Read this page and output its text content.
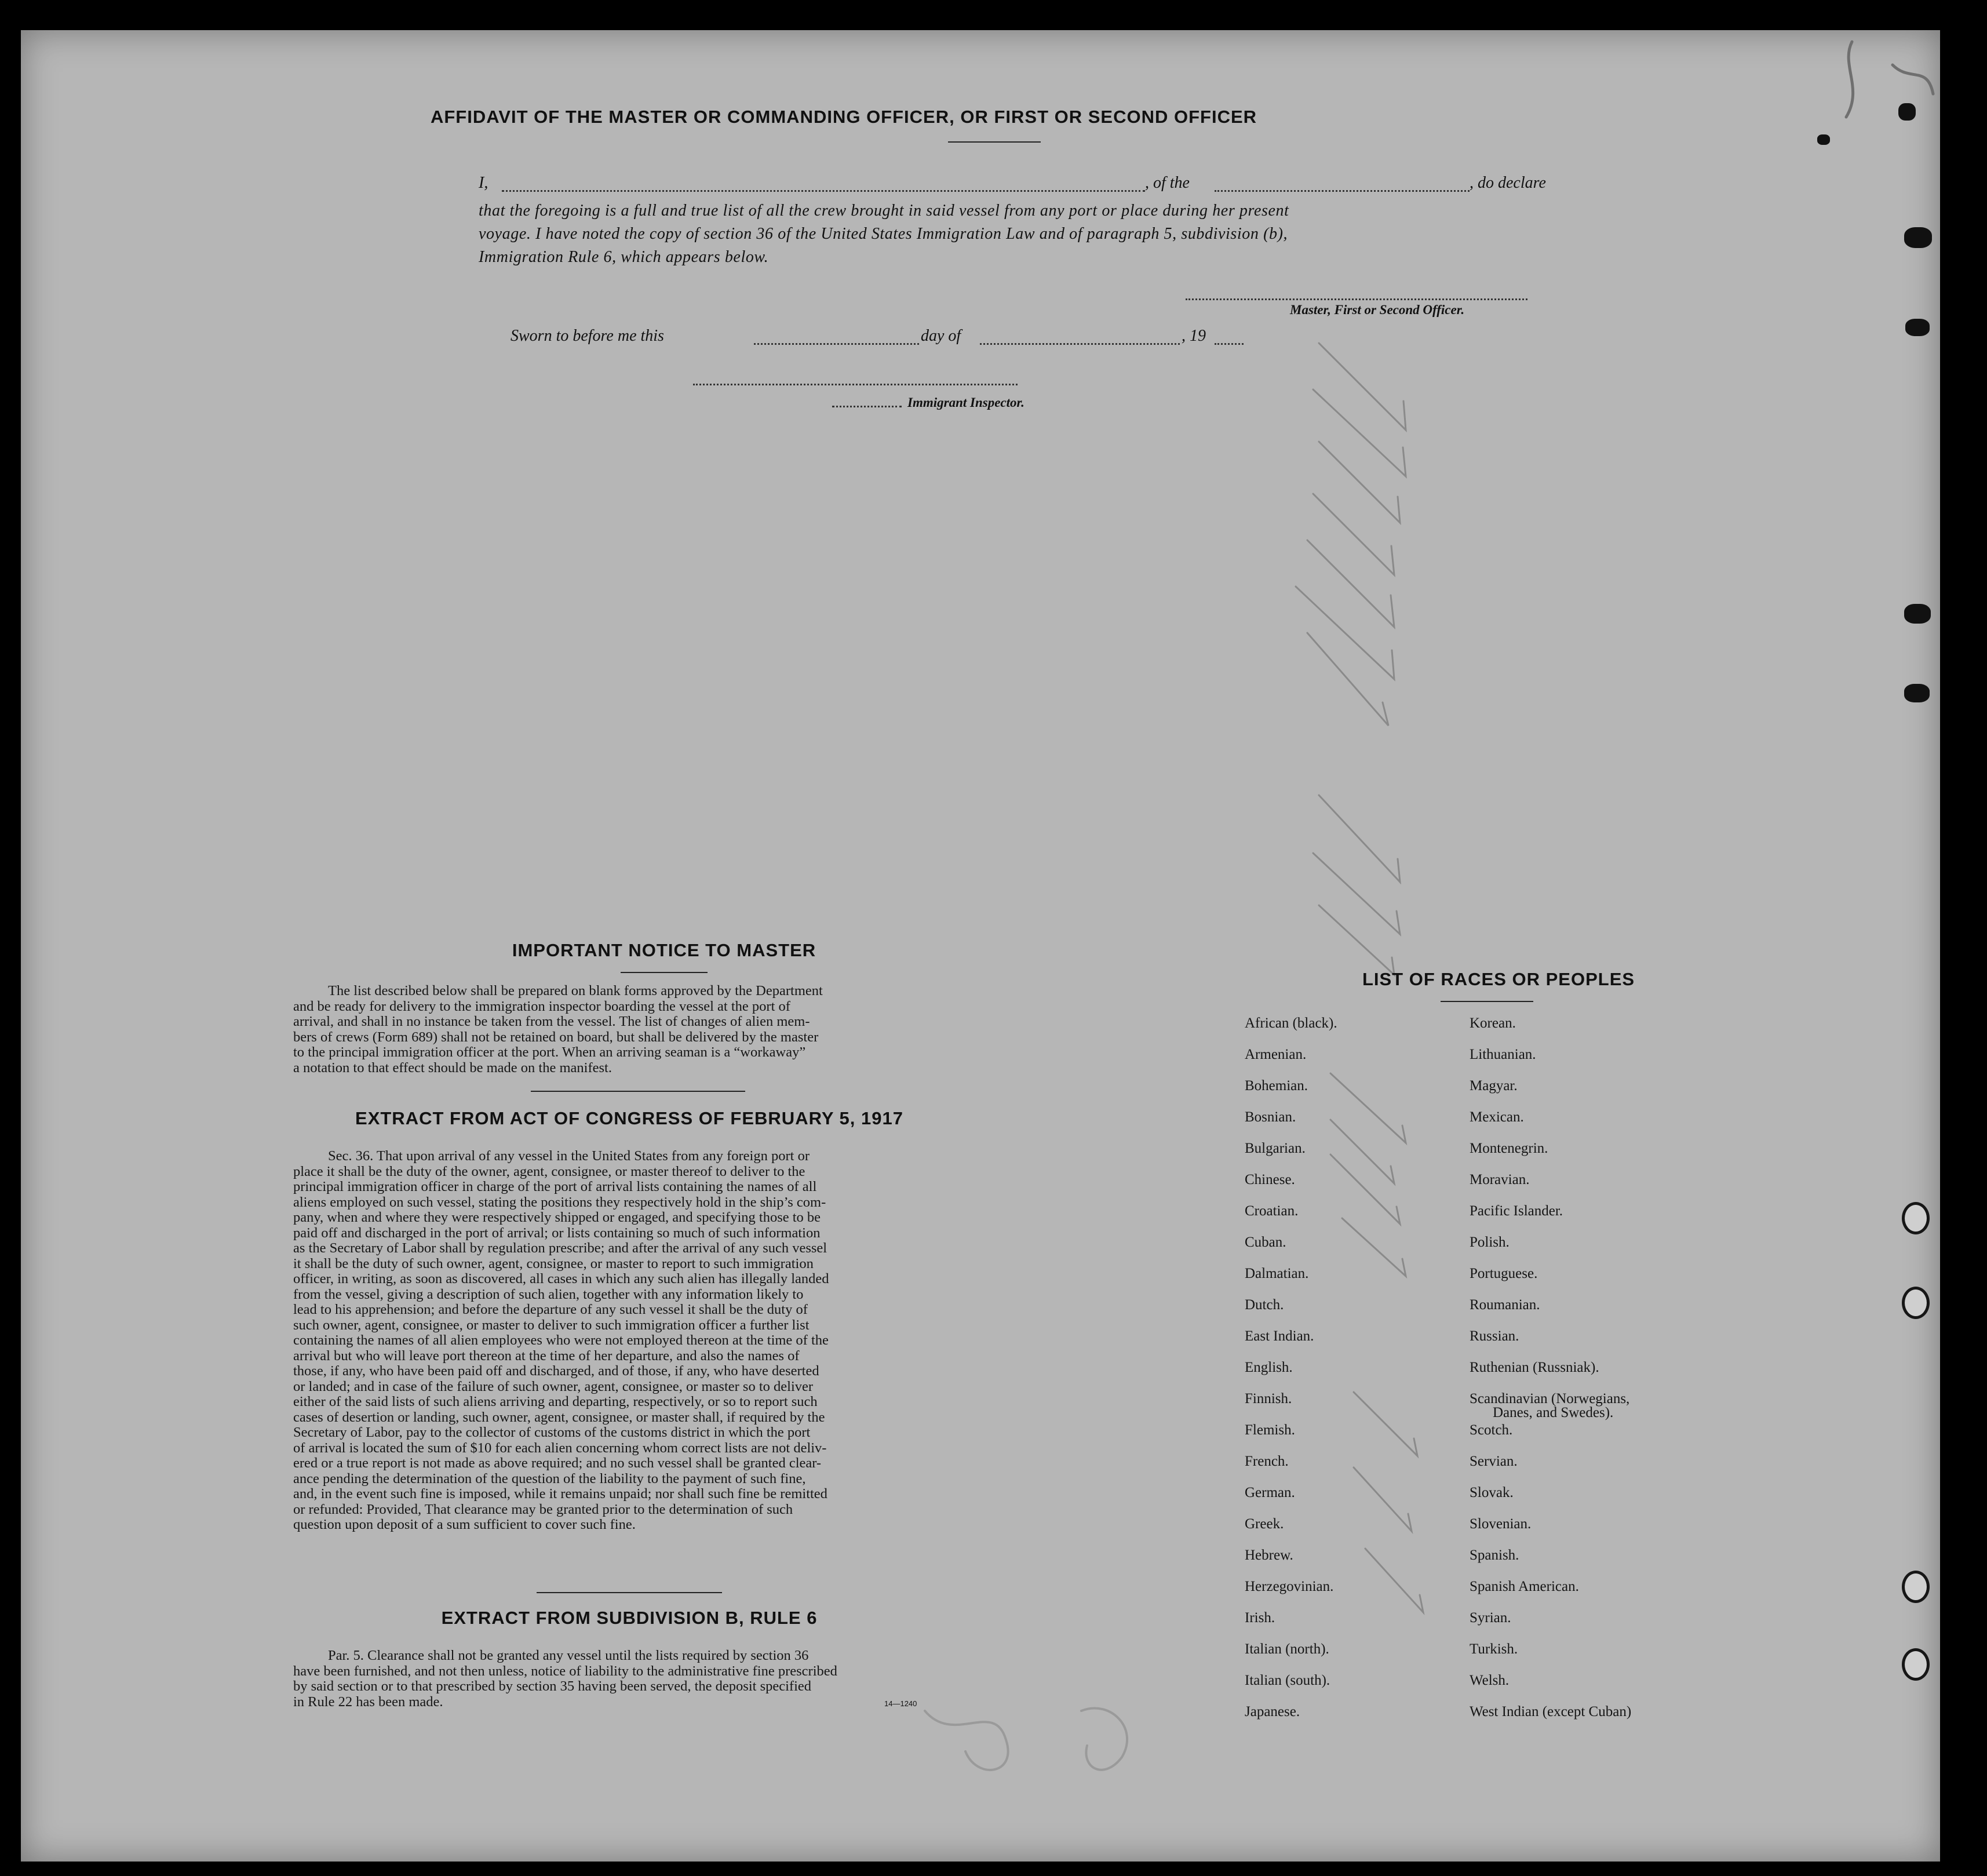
AFFIDAVIT OF THE MASTER OR COMMANDING OFFICER, OR FIRST OR SECOND OFFICER
I,	, of the	, do declare
that the foregoing is a full and true list of all the crew brought in said vessel from any port or place during her present
voyage. I have noted the copy of section 36 of the United States Immigration Law and of paragraph 5, subdivision (b),
Immigration Rule 6, which appears below.
Master, First or Second Officer.
Sworn to before me this	day of	, 19
Immigrant Inspector.
IMPORTANT NOTICE TO MASTER
The list described below shall be prepared on blank forms approved by the Department
and be ready for delivery to the immigration inspector boarding the vessel at the port of
arrival, and shall in no instance be taken from the vessel. The list of changes of alien mem-
bers of crews (Form 689) shall not be retained on board, but shall be delivered by the master
to the principal immigration officer at the port. When an arriving seaman is a “workaway”
a notation to that effect should be made on the manifest.
EXTRACT FROM ACT OF CONGRESS OF FEBRUARY 5, 1917
Sec. 36. That upon arrival of any vessel in the United States from any foreign port or
place it shall be the duty of the owner, agent, consignee, or master thereof to deliver to the
principal immigration officer in charge of the port of arrival lists containing the names of all
aliens employed on such vessel, stating the positions they respectively hold in the ship’s com-
pany, when and where they were respectively shipped or engaged, and specifying those to be
paid off and discharged in the port of arrival; or lists containing so much of such information
as the Secretary of Labor shall by regulation prescribe; and after the arrival of any such vessel
it shall be the duty of such owner, agent, consignee, or master to report to such immigration
officer, in writing, as soon as discovered, all cases in which any such alien has illegally landed
from the vessel, giving a description of such alien, together with any information likely to
lead to his apprehension; and before the departure of any such vessel it shall be the duty of
such owner, agent, consignee, or master to deliver to such immigration officer a further list
containing the names of all alien employees who were not employed thereon at the time of the
arrival but who will leave port thereon at the time of her departure, and also the names of
those, if any, who have been paid off and discharged, and of those, if any, who have deserted
or landed; and in case of the failure of such owner, agent, consignee, or master so to deliver
either of the said lists of such aliens arriving and departing, respectively, or so to report such
cases of desertion or landing, such owner, agent, consignee, or master shall, if required by the
Secretary of Labor, pay to the collector of customs of the customs district in which the port
of arrival is located the sum of $10 for each alien concerning whom correct lists are not deliv-
ered or a true report is not made as above required; and no such vessel shall be granted clear-
ance pending the determination of the question of the liability to the payment of such fine,
and, in the event such fine is imposed, while it remains unpaid; nor shall such fine be remitted
or refunded: Provided, That clearance may be granted prior to the determination of such
question upon deposit of a sum sufficient to cover such fine.
EXTRACT FROM SUBDIVISION B, RULE 6
Par. 5. Clearance shall not be granted any vessel until the lists required by section 36
have been furnished, and not then unless, notice of liability to the administrative fine prescribed
by said section or to that prescribed by section 35 having been served, the deposit specified
in Rule 22 has been made.	14—1240
LIST OF RACES OR PEOPLES
African (black).
Armenian.
Bohemian.
Bosnian.
Bulgarian.
Chinese.
Croatian.
Cuban.
Dalmatian.
Dutch.
East Indian.
English.
Finnish.
Flemish.
French.
German.
Greek.
Hebrew.
Herzegovinian.
Irish.
Italian (north).
Italian (south).
Japanese.
Korean.
Lithuanian.
Magyar.
Mexican.
Montenegrin.
Moravian.
Pacific Islander.
Polish.
Portuguese.
Roumanian.
Russian.
Ruthenian (Russniak).
Scandinavian (Norwegians,
Danes, and Swedes).
Scotch.
Servian.
Slovak.
Slovenian.
Spanish.
Spanish American.
Syrian.
Turkish.
Welsh.
West Indian (except Cuban)
